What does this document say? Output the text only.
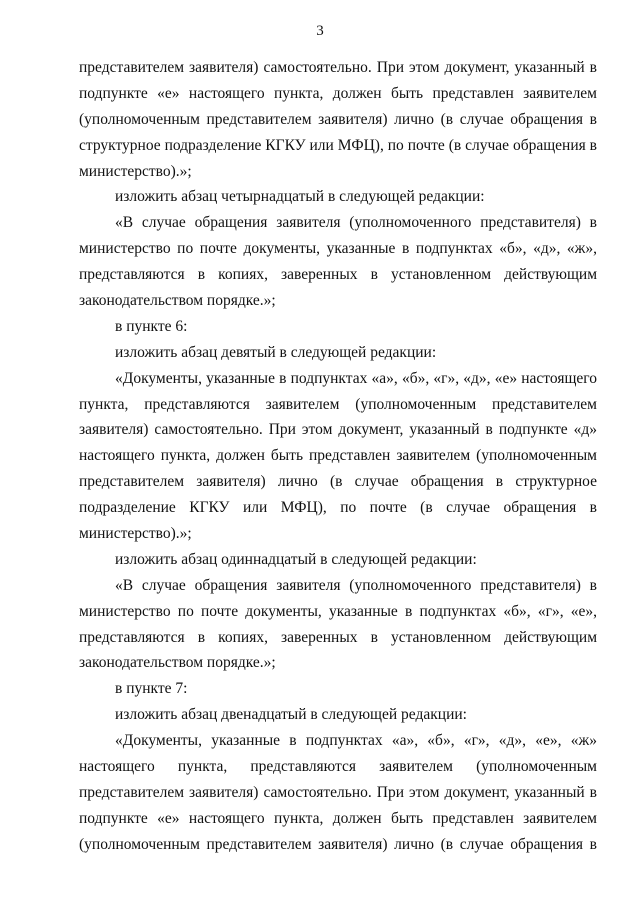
3
представителем заявителя) самостоятельно. При этом документ, указанный в
подпункте «е» настоящего пункта, должен быть представлен заявителем
(уполномоченным представителем заявителя) лично (в случае обращения в
структурное подразделение КГКУ или МФЦ), по почте (в случае обращения в
министерство).»;
изложить абзац четырнадцатый в следующей редакции:
«В случае обращения заявителя (уполномоченного представителя) в
министерство по почте документы, указанные в подпунктах «б», «д», «ж»,
представляются в копиях, заверенных в установленном действующим
законодательством порядке.»;
в пункте 6:
изложить абзац девятый в следующей редакции:
«Документы, указанные в подпунктах «а», «б», «г», «д», «е» настоящего
пункта, представляются заявителем (уполномоченным представителем
заявителя) самостоятельно. При этом документ, указанный в подпункте «д»
настоящего пункта, должен быть представлен заявителем (уполномоченным
представителем заявителя) лично (в случае обращения в структурное
подразделение КГКУ или МФЦ), по почте (в случае обращения в
министерство).»;
изложить абзац одиннадцатый в следующей редакции:
«В случае обращения заявителя (уполномоченного представителя) в
министерство по почте документы, указанные в подпунктах «б», «г», «е»,
представляются в копиях, заверенных в установленном действующим
законодательством порядке.»;
в пункте 7:
изложить абзац двенадцатый в следующей редакции:
«Документы, указанные в подпунктах «а», «б», «г», «д», «е», «ж»
настоящего пункта, представляются заявителем (уполномоченным
представителем заявителя) самостоятельно. При этом документ, указанный в
подпункте «е» настоящего пункта, должен быть представлен заявителем
(уполномоченным представителем заявителя) лично (в случае обращения в
